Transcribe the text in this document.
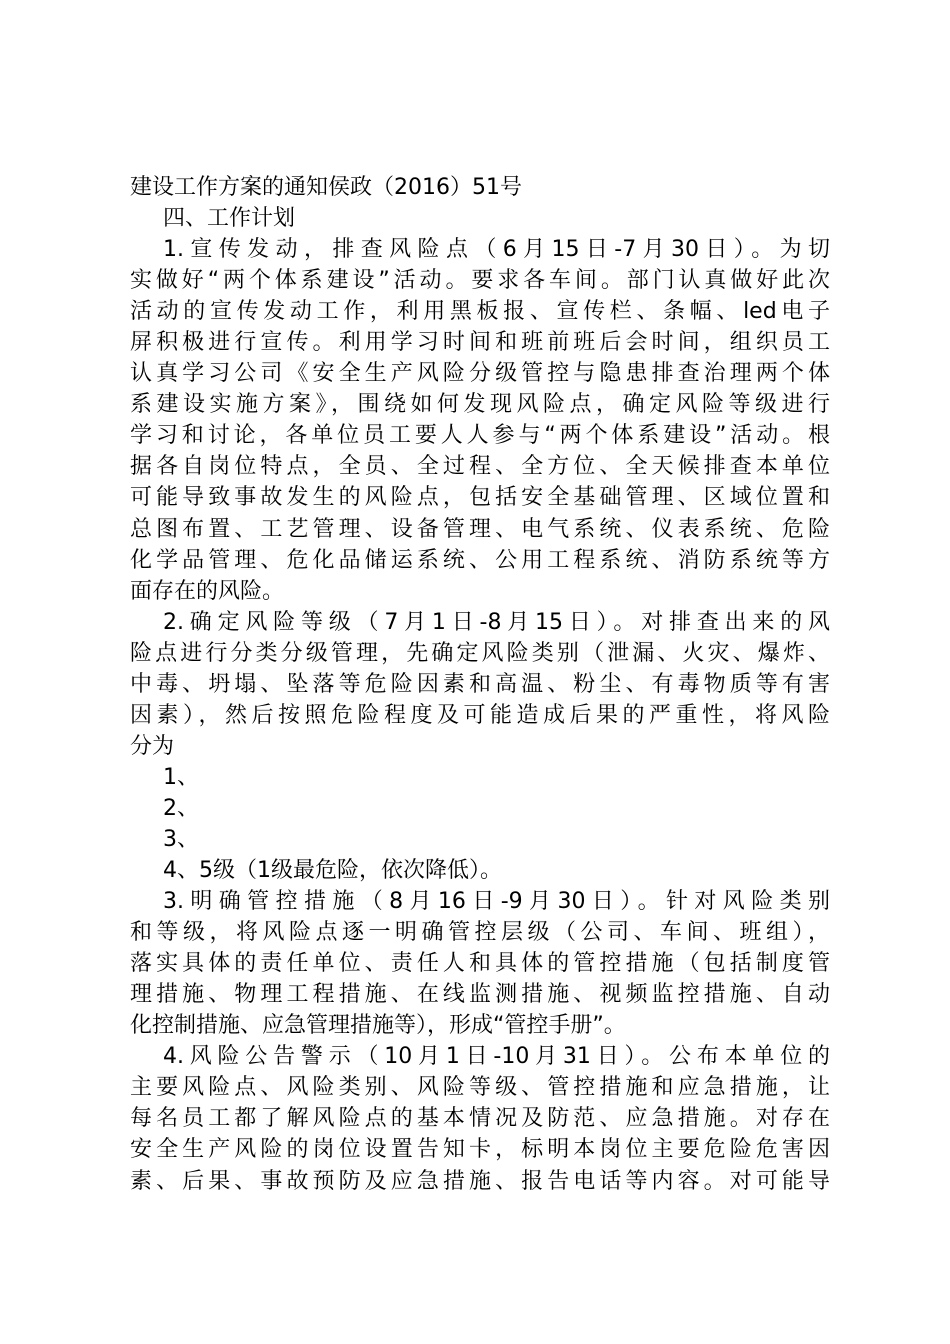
建设工作方案的通知侯政（2016）51号
四、工作计划
1.宣传发动，排查风险点（6月15日-7月30日）。为切
实做好“两个体系建设”活动。要求各车间。部门认真做好此次
活动的宣传发动工作，利用黑板报、宣传栏、条幅、led电子
屏积极进行宣传。利用学习时间和班前班后会时间，组织员工
认真学习公司《安全生产风险分级管控与隐患排查治理两个体
系建设实施方案》，围绕如何发现风险点，确定风险等级进行
学习和讨论，各单位员工要人人参与“两个体系建设”活动。根
据各自岗位特点，全员、全过程、全方位、全天候排查本单位
可能导致事故发生的风险点，包括安全基础管理、区域位置和
总图布置、工艺管理、设备管理、电气系统、仪表系统、危险
化学品管理、危化品储运系统、公用工程系统、消防系统等方
面存在的风险。
2.确定风险等级（7月1日-8月15日）。对排查出来的风
险点进行分类分级管理，先确定风险类别（泄漏、火灾、爆炸、
中毒、坍塌、坠落等危险因素和高温、粉尘、有毒物质等有害
因素），然后按照危险程度及可能造成后果的严重性，将风险
分为
1、
2、
3、
4、5级（1级最危险，依次降低）。
3.明确管控措施（8月16日-9月30日）。针对风险类别
和等级，将风险点逐一明确管控层级（公司、车间、班组），
落实具体的责任单位、责任人和具体的管控措施（包括制度管
理措施、物理工程措施、在线监测措施、视频监控措施、自动
化控制措施、应急管理措施等），形成“管控手册”。
4.风险公告警示（10月1日-10月31日）。公布本单位的
主要风险点、风险类别、风险等级、管控措施和应急措施，让
每名员工都了解风险点的基本情况及防范、应急措施。对存在
安全生产风险的岗位设置告知卡，标明本岗位主要危险危害因
素、后果、事故预防及应急措施、报告电话等内容。对可能导
